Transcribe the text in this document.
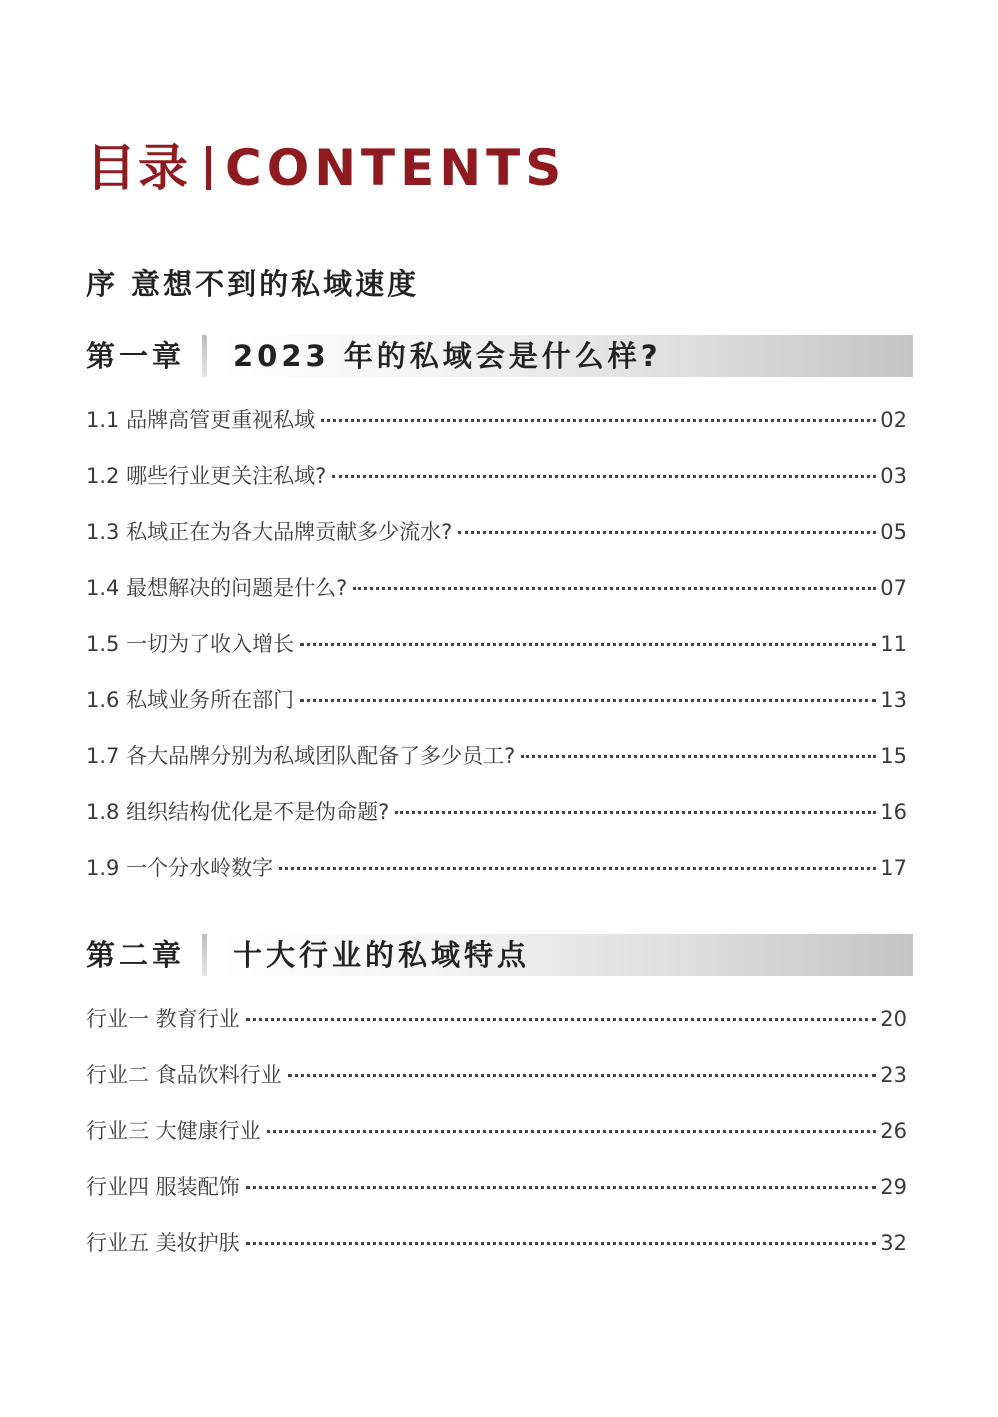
目录 CONTENTS
序 意想不到的私域速度
第一章 2023 年的私域会是什么样?
1.1 品牌高管更重视私域	02
1.2 哪些行业更关注私域?	03
1.3 私域正在为各大品牌贡献多少流水?	05
1.4 最想解决的问题是什么?	07
1.5 一切为了收入增长	11
1.6 私域业务所在部门	13
1.7 各大品牌分别为私域团队配备了多少员工?	15
1.8 组织结构优化是不是伪命题?	16
1.9 一个分水岭数字	17
第二章 十大行业的私域特点
行业一 教育行业	20
行业二 食品饮料行业	23
行业三 大健康行业	26
行业四 服装配饰	29
行业五 美妆护肤	32
